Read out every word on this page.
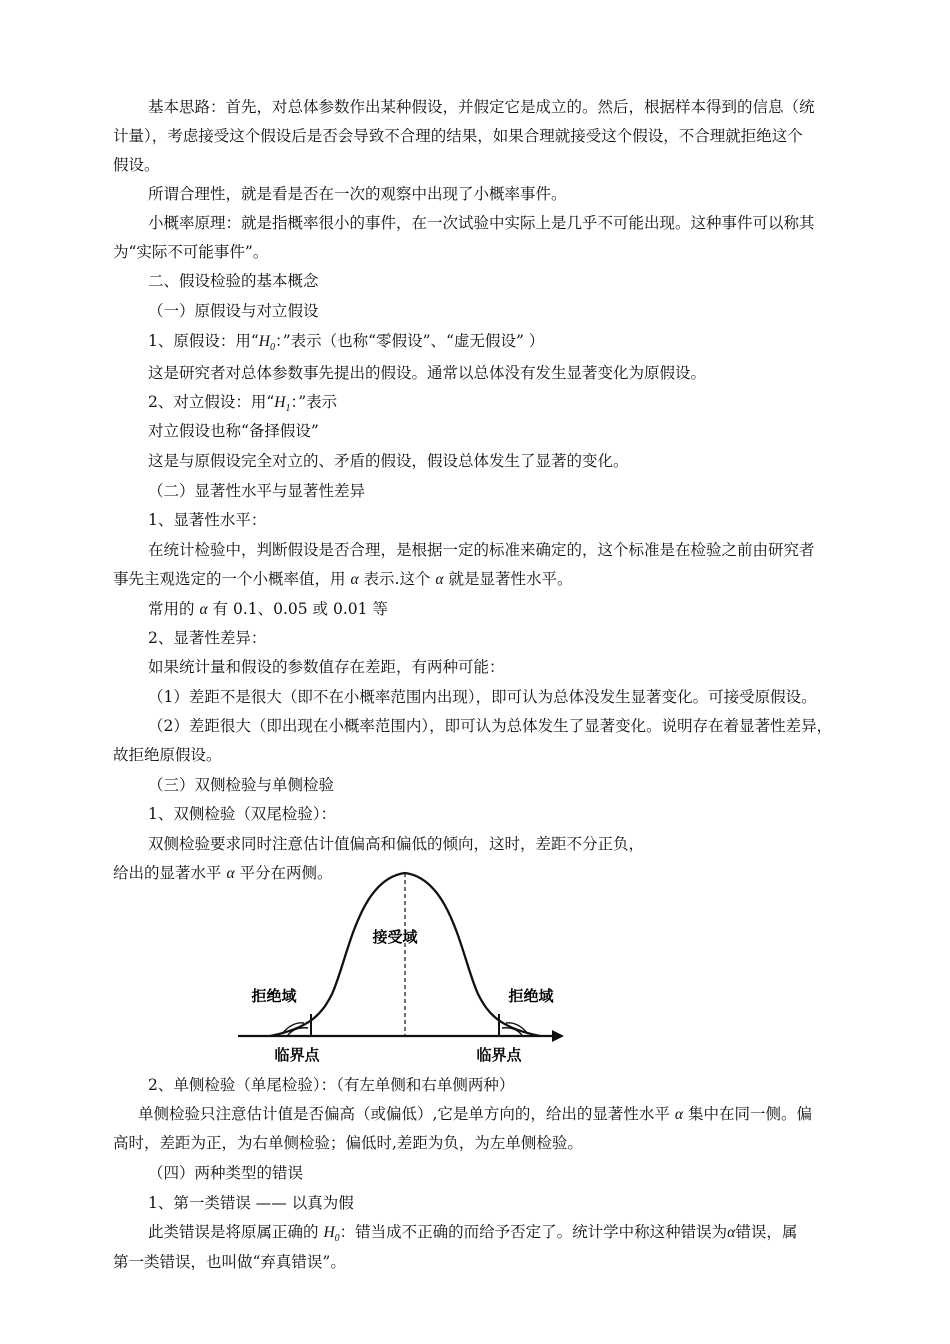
基本思路：首先，对总体参数作出某种假设，并假定它是成立的。然后，根据样本得到的信息（统
计量），考虑接受这个假设后是否会导致不合理的结果，如果合理就接受这个假设，不合理就拒绝这个
假设。
所谓合理性，就是看是否在一次的观察中出现了小概率事件。
小概率原理：就是指概率很小的事件，在一次试验中实际上是几乎不可能出现。这种事件可以称其
为“实际不可能事件”。
二、假设检验的基本概念
（一）原假设与对立假设
1、原假设：用“$H_0$：”表示（也称“零假设”、“虚无假设” ）
这是研究者对总体参数事先提出的假设。通常以总体没有发生显著变化为原假设。
2、对立假设：用“$H_1$：”表示
对立假设也称“备择假设”
这是与原假设完全对立的、矛盾的假设，假设总体发生了显著的变化。
（二）显著性水平与显著性差异
1、显著性水平：
在统计检验中，判断假设是否合理，是根据一定的标准来确定的，这个标准是在检验之前由研究者
事先主观选定的一个小概率值，用 α 表示.这个 α 就是显著性水平。
常用的 α 有 0.1、0.05 或 0.01 等
2、显著性差异：
如果统计量和假设的参数值存在差距，有两种可能：
（1）差距不是很大（即不在小概率范围内出现），即可认为总体没发生显著变化。可接受原假设。
（2）差距很大（即出现在小概率范围内），即可认为总体发生了显著变化。说明存在着显著性差异，
故拒绝原假设。
（三）双侧检验与单侧检验
1、双侧检验（双尾检验）：
双侧检验要求同时注意估计值偏高和偏低的倾向，这时，差距不分正负，
给出的显著水平 α 平分在两侧。
接受域
拒绝域	拒绝域
临界点	临界点
2、单侧检验（单尾检验）：（有左单侧和右单侧两种）
单侧检验只注意估计值是否偏高（或偏低）,它是单方向的，给出的显著性水平 α 集中在同一侧。偏
高时，差距为正，为右单侧检验；偏低时,差距为负，为左单侧检验。
（四）两种类型的错误
1、第一类错误 —— 以真为假
此类错误是将原属正确的 $H_0$：错当成不正确的而给予否定了。统计学中称这种错误为α错误，属
第一类错误，也叫做“弃真错误”。
